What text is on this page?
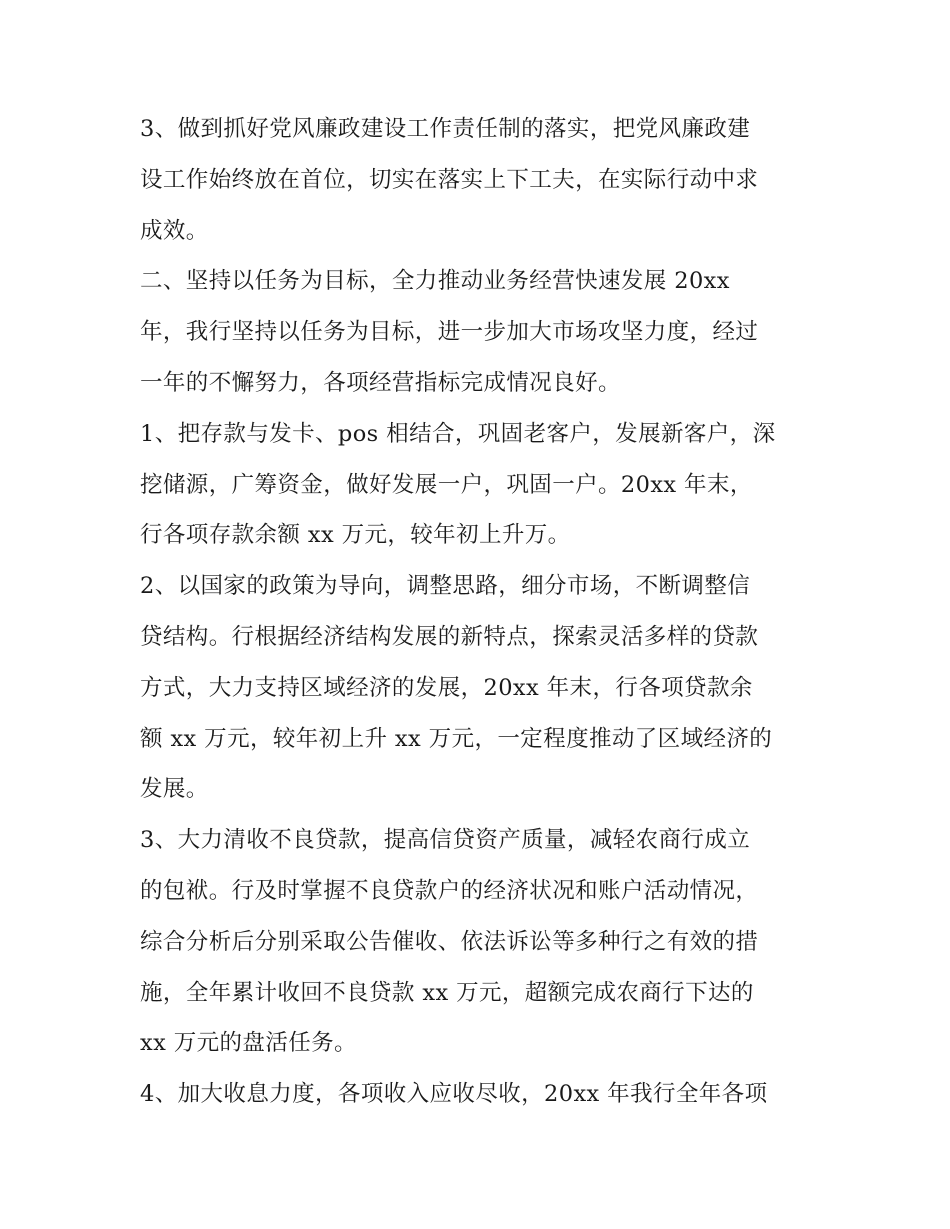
3、做到抓好党风廉政建设工作责任制的落实，把党风廉政建
设工作始终放在首位，切实在落实上下工夫，在实际行动中求
成效。
二、坚持以任务为目标，全力推动业务经营快速发展 20xx
年，我行坚持以任务为目标，进一步加大市场攻坚力度，经过
一年的不懈努力，各项经营指标完成情况良好。
1、把存款与发卡、pos 相结合，巩固老客户，发展新客户，深
挖储源，广筹资金，做好发展一户，巩固一户。20xx 年末，
行各项存款余额 xx 万元，较年初上升万。
2、以国家的政策为导向，调整思路，细分市场，不断调整信
贷结构。行根据经济结构发展的新特点，探索灵活多样的贷款
方式，大力支持区域经济的发展，20xx 年末，行各项贷款余
额 xx 万元，较年初上升 xx 万元，一定程度推动了区域经济的
发展。
3、大力清收不良贷款，提高信贷资产质量，减轻农商行成立
的包袱。行及时掌握不良贷款户的经济状况和账户活动情况，
综合分析后分别采取公告催收、依法诉讼等多种行之有效的措
施，全年累计收回不良贷款 xx 万元，超额完成农商行下达的
xx 万元的盘活任务。
4、加大收息力度，各项收入应收尽收，20xx 年我行全年各项
